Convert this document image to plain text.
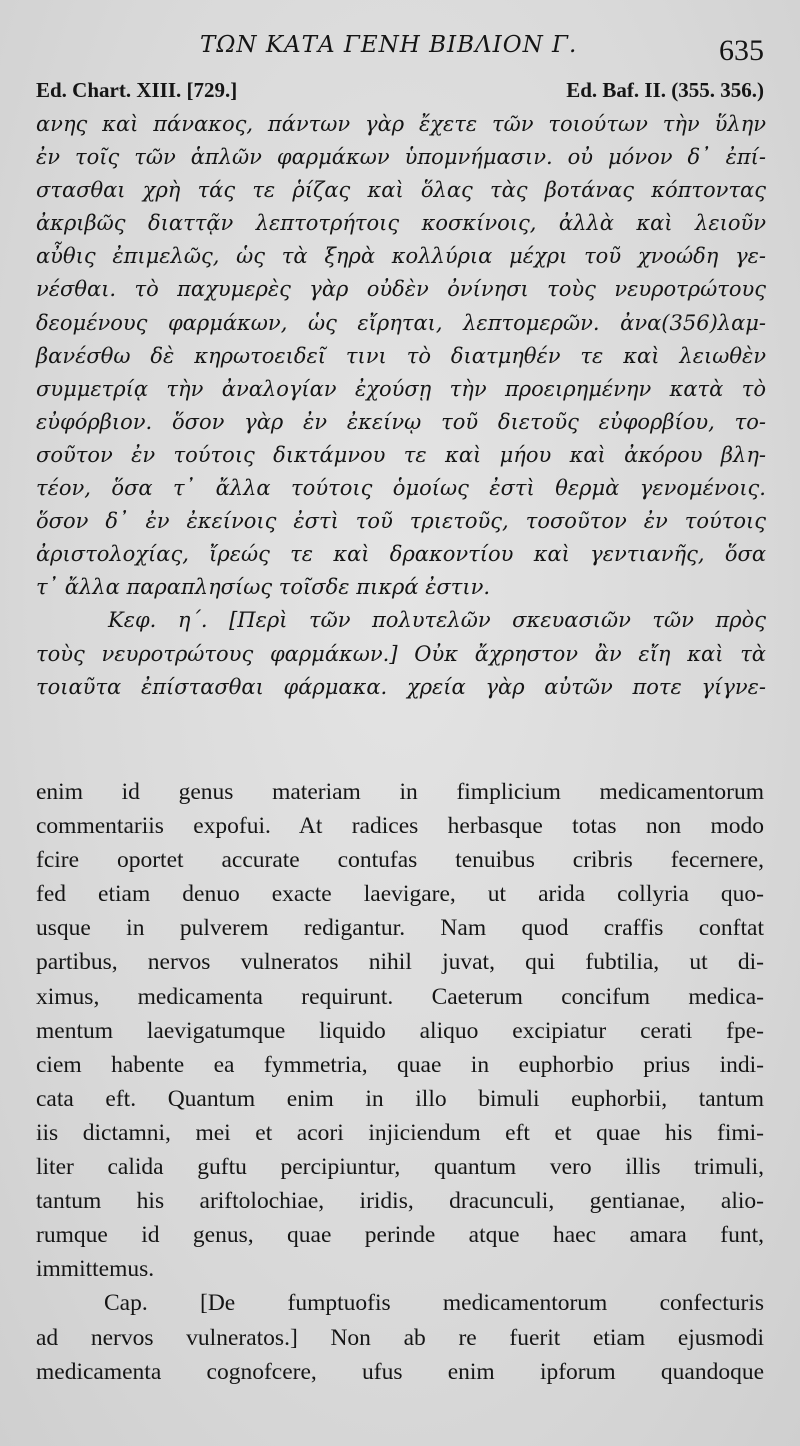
ΤΩΝ ΚΑΤΑ ΓΕΝΗ ΒΙΒΛΙΟΝ Γ.	635
Ed. Chart. XIII. [729.]	Ed. Baf. II. (355. 356.)
ανης καὶ πάνακος, πάντων γὰρ ἔχετε τῶν τοιούτων τὴν ὕλην
ἐν τοῖς τῶν ἁπλῶν φαρμάκων ὑπομνήμασιν. οὐ μόνον δ᾽ ἐπί-
στασθαι χρὴ τάς τε ῥίζας καὶ ὅλας τὰς βοτάνας κόπτοντας
ἀκριβῶς διαττᾷν λεπτοτρήτοις κοσκίνοις, ἀλλὰ καὶ λειοῦν
αὖθις ἐπιμελῶς, ὡς τὰ ξηρὰ κολλύρια μέχρι τοῦ χνοώδη γε-
νέσθαι. τὸ παχυμερὲς γὰρ οὐδὲν ὀνίνησι τοὺς νευροτρώτους
δεομένους φαρμάκων, ὡς εἴρηται, λεπτομερῶν. ἀνα(356)λαμ-
βανέσθω δὲ κηρωτοειδεῖ τινι τὸ διατμηθέν τε καὶ λειωθὲν
συμμετρίᾳ τὴν ἀναλογίαν ἐχούσῃ τὴν προειρημένην κατὰ τὸ
εὐφόρβιον. ὅσον γὰρ ἐν ἐκείνῳ τοῦ διετοῦς εὐφορβίου, το-
σοῦτον ἐν τούτοις δικτάμνου τε καὶ μήου καὶ ἀκόρου βλη-
τέον, ὅσα τ᾽ ἄλλα τούτοις ὁμοίως ἐστὶ θερμὰ γενομένοις.
ὅσον δ᾽ ἐν ἐκείνοις ἐστὶ τοῦ τριετοῦς, τοσοῦτον ἐν τούτοις
ἀριστολοχίας, ἴρεώς τε καὶ δρακοντίου καὶ γεντιανῆς, ὅσα
τ᾽ ἄλλα παραπλησίως τοῖσδε πικρά ἐστιν.
Κεφ. η΄. [Περὶ τῶν πολυτελῶν σκευασιῶν τῶν πρὸς
τοὺς νευροτρώτους φαρμάκων.] Οὐκ ἄχρηστον ἂν εἴη καὶ τὰ
τοιαῦτα ἐπίστασθαι φάρμακα. χρεία γὰρ αὐτῶν ποτε γίγνε-
enim id genus materiam in fimplicium medicamentorum
commentariis expofui. At radices herbasque totas non modo
fcire oportet accurate contufas tenuibus cribris fecernere,
fed etiam denuo exacte laevigare, ut arida collyria quo-
usque in pulverem redigantur. Nam quod craffis conftat
partibus, nervos vulneratos nihil juvat, qui fubtilia, ut di-
ximus, medicamenta requirunt. Caeterum concifum medica-
mentum laevigatumque liquido aliquo excipiatur cerati fpe-
ciem habente ea fymmetria, quae in euphorbio prius indi-
cata eft. Quantum enim in illo bimuli euphorbii, tantum
iis dictamni, mei et acori injiciendum eft et quae his fimi-
liter calida guftu percipiuntur, quantum vero illis trimuli,
tantum his ariftolochiae, iridis, dracunculi, gentianae, alio-
rumque id genus, quae perinde atque haec amara funt,
immittemus.
Cap. [De fumptuofis medicamentorum confecturis
ad nervos vulneratos.] Non ab re fuerit etiam ejusmodi
medicamenta cognofcere, ufus enim ipforum quandoque
